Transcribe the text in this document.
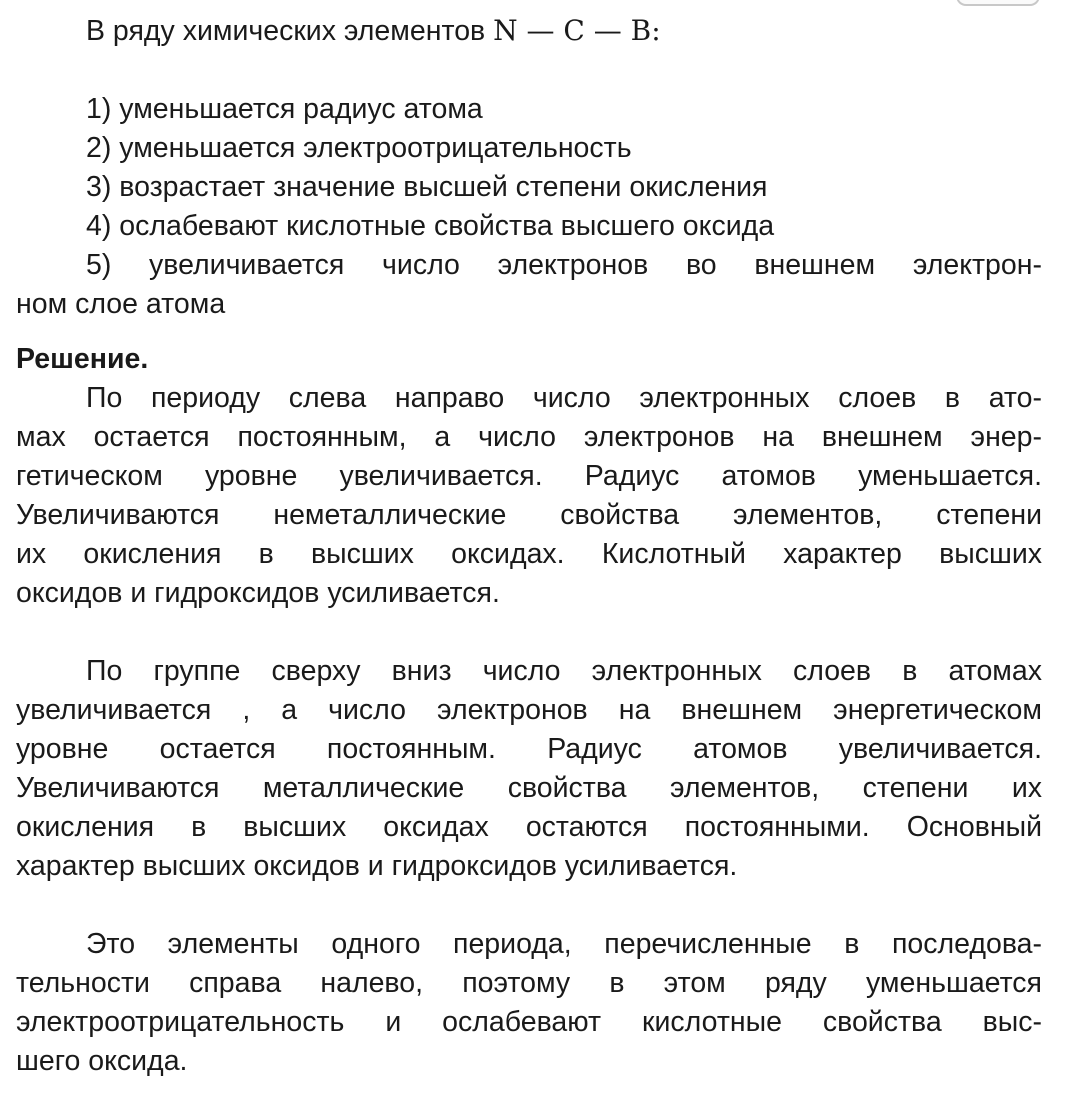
В ряду химических элементов N — C — B:
1) уменьшается радиус атома
2) уменьшается электроотрицательность
3) возрастает значение высшей степени окисления
4) ослабевают кислотные свойства высшего оксида
5) увеличивается число электронов во внешнем электрон-
ном слое атома
Решение.
По периоду слева направо число электронных слоев в ато-
мах остается постоянным, а число электронов на внешнем энер-
гетическом уровне увеличивается. Радиус атомов уменьшается.
Увеличиваются неметаллические свойства элементов, степени
их окисления в высших оксидах. Кислотный характер высших
оксидов и гидроксидов усиливается.
По группе сверху вниз число электронных слоев в атомах
увеличивается , а число электронов на внешнем энергетическом
уровне остается постоянным. Радиус атомов увеличивается.
Увеличиваются металлические свойства элементов, степени их
окисления в высших оксидах остаются постоянными. Основный
характер высших оксидов и гидроксидов усиливается.
Это элементы одного периода, перечисленные в последова-
тельности справа налево, поэтому в этом ряду уменьшается
электроотрицательность и ослабевают кислотные свойства выс-
шего оксида.
